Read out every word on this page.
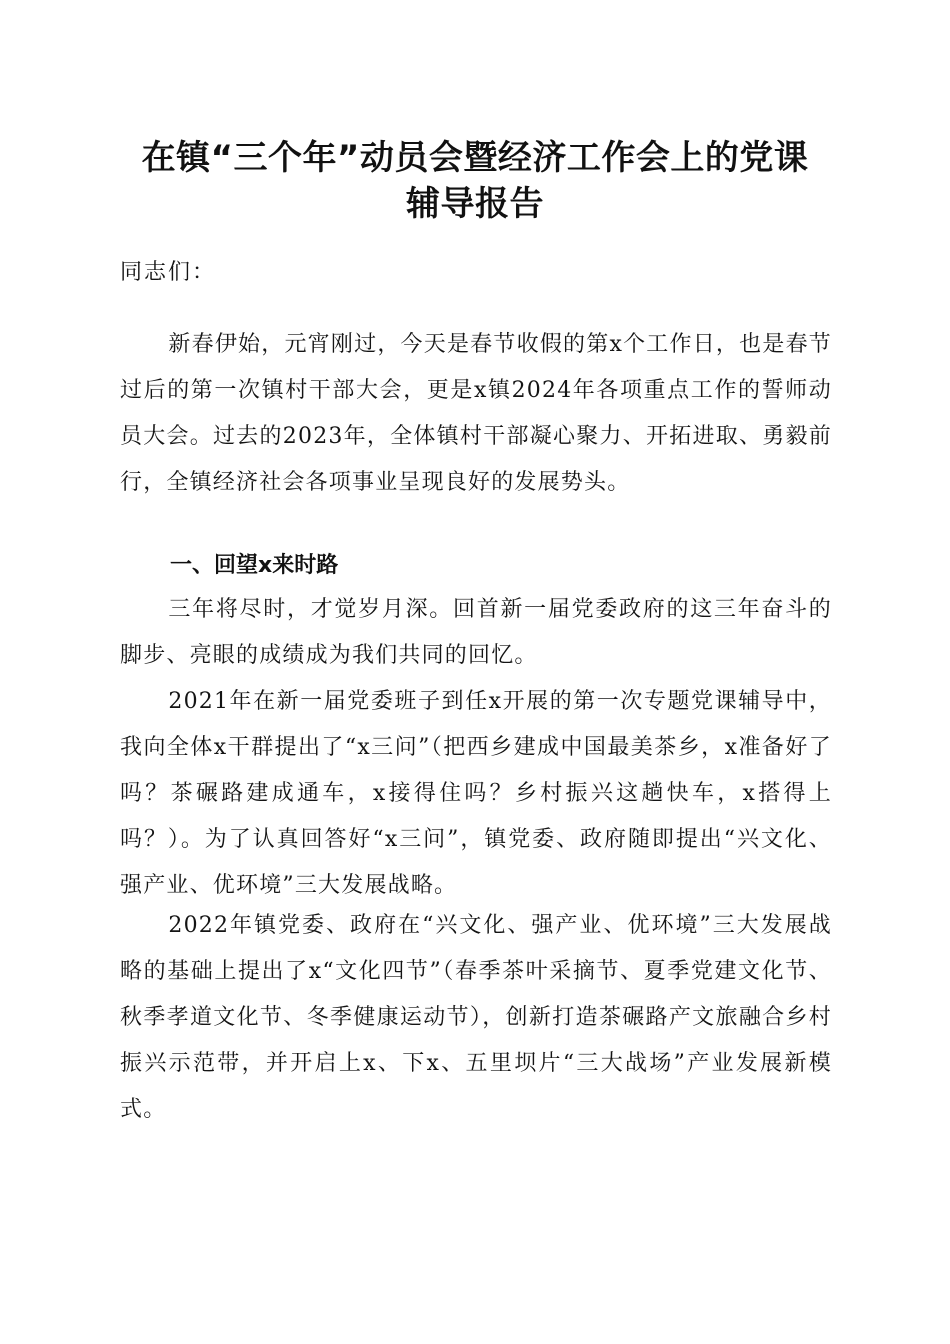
在镇“三个年”动员会暨经济工作会上的党课
辅导报告
同志们：

新春伊始，元宵刚过，今天是春节收假的第x个工作日，也是春节过后的第一次镇村干部大会，更是x镇2024年各项重点工作的誓师动员大会。过去的2023年，全体镇村干部凝心聚力、开拓进取、勇毅前行，全镇经济社会各项事业呈现良好的发展势头。

一、回望x来时路

三年将尽时，才觉岁月深。回首新一届党委政府的这三年奋斗的脚步、亮眼的成绩成为我们共同的回忆。

2021年在新一届党委班子到任x开展的第一次专题党课辅导中，我向全体x干群提出了“x三问”（把西乡建成中国最美茶乡，x准备好了吗？茶碾路建成通车，x接得住吗？乡村振兴这趟快车，x搭得上吗？）。为了认真回答好“x三问”，镇党委、政府随即提出“兴文化、强产业、优环境”三大发展战略。

2022年镇党委、政府在“兴文化、强产业、优环境”三大发展战略的基础上提出了x“文化四节”（春季茶叶采摘节、夏季党建文化节、秋季孝道文化节、冬季健康运动节），创新打造茶碾路产文旅融合乡村振兴示范带，并开启上x、下x、五里坝片“三大战场”产业发展新模式。
